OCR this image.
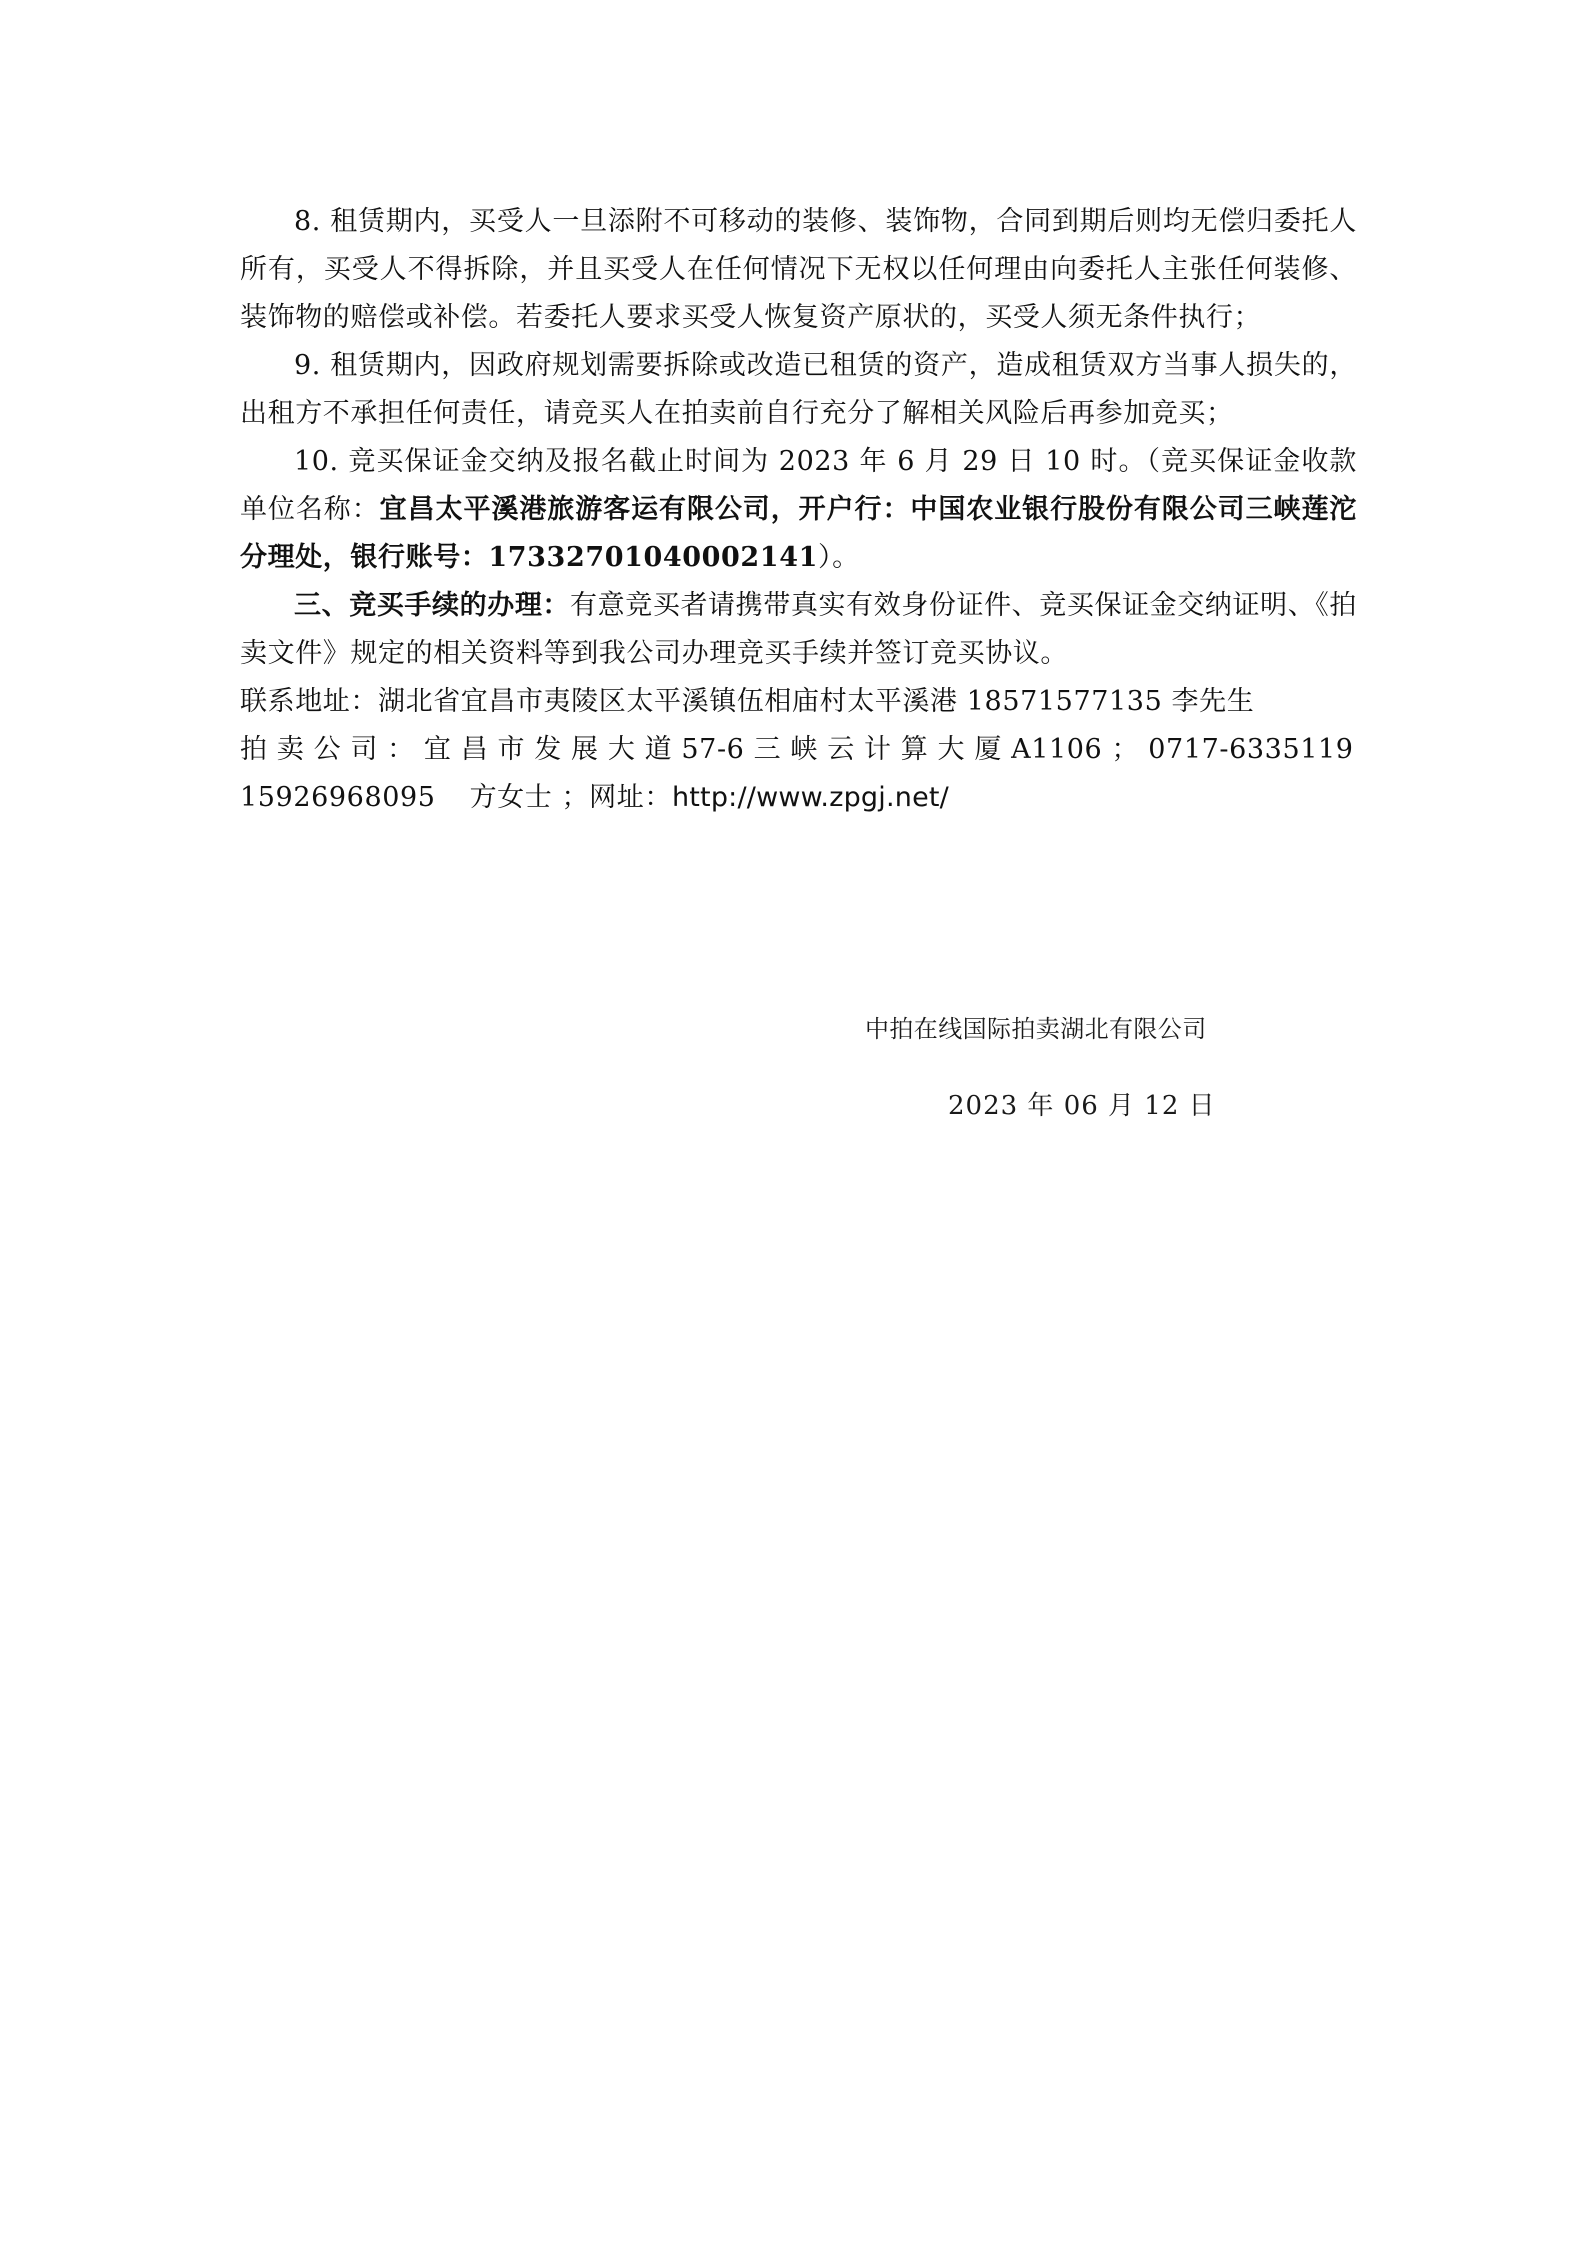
8. 租赁期内，买受人一旦添附不可移动的装修、装饰物，合同到期后则均无偿归委托人所有，买受人不得拆除，并且买受人在任何情况下无权以任何理由向委托人主张任何装修、装饰物的赔偿或补偿。若委托人要求买受人恢复资产原状的，买受人须无条件执行；

9. 租赁期内，因政府规划需要拆除或改造已租赁的资产，造成租赁双方当事人损失的，出租方不承担任何责任，请竞买人在拍卖前自行充分了解相关风险后再参加竞买；

10. 竞买保证金交纳及报名截止时间为 2023 年 6 月 29 日 10 时。（竞买保证金收款单位名称：宜昌太平溪港旅游客运有限公司，开户行：中国农业银行股份有限公司三峡莲沱分理处，银行账号：17332701040002141）。

三、竞买手续的办理：有意竞买者请携带真实有效身份证件、竞买保证金交纳证明、《拍卖文件》规定的相关资料等到我公司办理竞买手续并签订竞买协议。

联系地址：湖北省宜昌市夷陵区太平溪镇伍相庙村太平溪港 18571577135 李先生

拍 卖 公 司 ： 宜 昌 市 发 展 大 道 57-6 三 峡 云 计 算 大 厦 A1106 ； 0717-6335119

15926968095 方女士 ；网址：http://www.zpgj.net/

中拍在线国际拍卖湖北有限公司
2023 年 06 月 12 日
